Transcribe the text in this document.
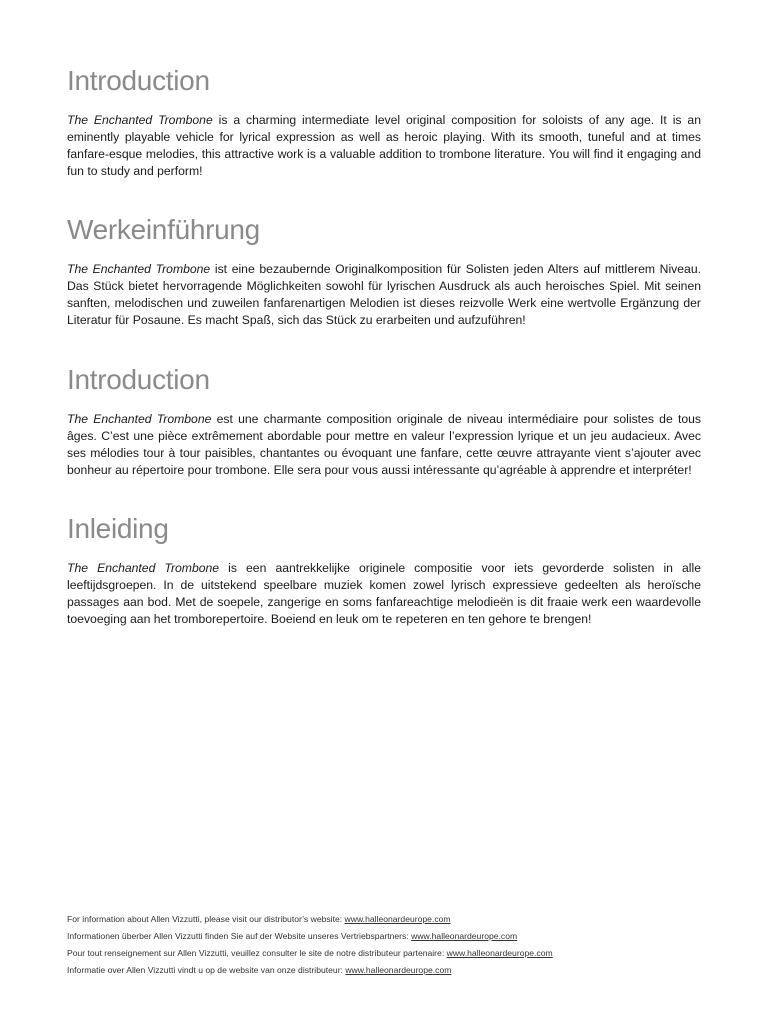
Introduction

The Enchanted Trombone is a charming intermediate level original composition for soloists of any age. It is an eminently playable vehicle for lyrical expression as well as heroic playing. With its smooth, tuneful and at times fanfare-esque melodies, this attractive work is a valuable addition to trombone literature. You will find it engaging and fun to study and perform!

Werkeinführung

The Enchanted Trombone ist eine bezaubernde Originalkomposition für Solisten jeden Alters auf mittlerem Niveau. Das Stück bietet hervorragende Möglichkeiten sowohl für lyrischen Ausdruck als auch heroisches Spiel. Mit seinen sanften, melodischen und zuweilen fanfarenartigen Melodien ist dieses reizvolle Werk eine wertvolle Ergänzung der Literatur für Posaune. Es macht Spaß, sich das Stück zu erarbeiten und aufzuführen!

Introduction

The Enchanted Trombone est une charmante composition originale de niveau intermédiaire pour solistes de tous âges. C’est une pièce extrêmement abordable pour mettre en valeur l’expression lyrique et un jeu audacieux. Avec ses mélodies tour à tour paisibles, chantantes ou évoquant une fanfare, cette œuvre attrayante vient s’ajouter avec bonheur au répertoire pour trombone. Elle sera pour vous aussi intéressante qu’agréable à apprendre et interpréter!

Inleiding

The Enchanted Trombone is een aantrekkelijke originele compositie voor iets gevorderde solisten in alle leeftijdsgroepen. In de uitstekend speelbare muziek komen zowel lyrisch expressieve gedeelten als heroïsche passages aan bod. Met de soepele, zangerige en soms fanfareachtige melodieën is dit fraaie werk een waardevolle toevoeging aan het tromborepertoire. Boeiend en leuk om te repeteren en ten gehore te brengen!

For information about Allen Vizzutti, please visit our distributor’s website: www.halleonardeurope.com
Informationen überber Allen Vizzutti finden Sie auf der Website unseres Vertriebspartners: www.halleonardeurope.com
Pour tout renseignement sur Allen Vizzutti, veuillez consulter le site de notre distributeur partenaire: www.halleonardeurope.com
Informatie over Allen Vizzutti vindt u op de website van onze distributeur: www.halleonardeurope.com
